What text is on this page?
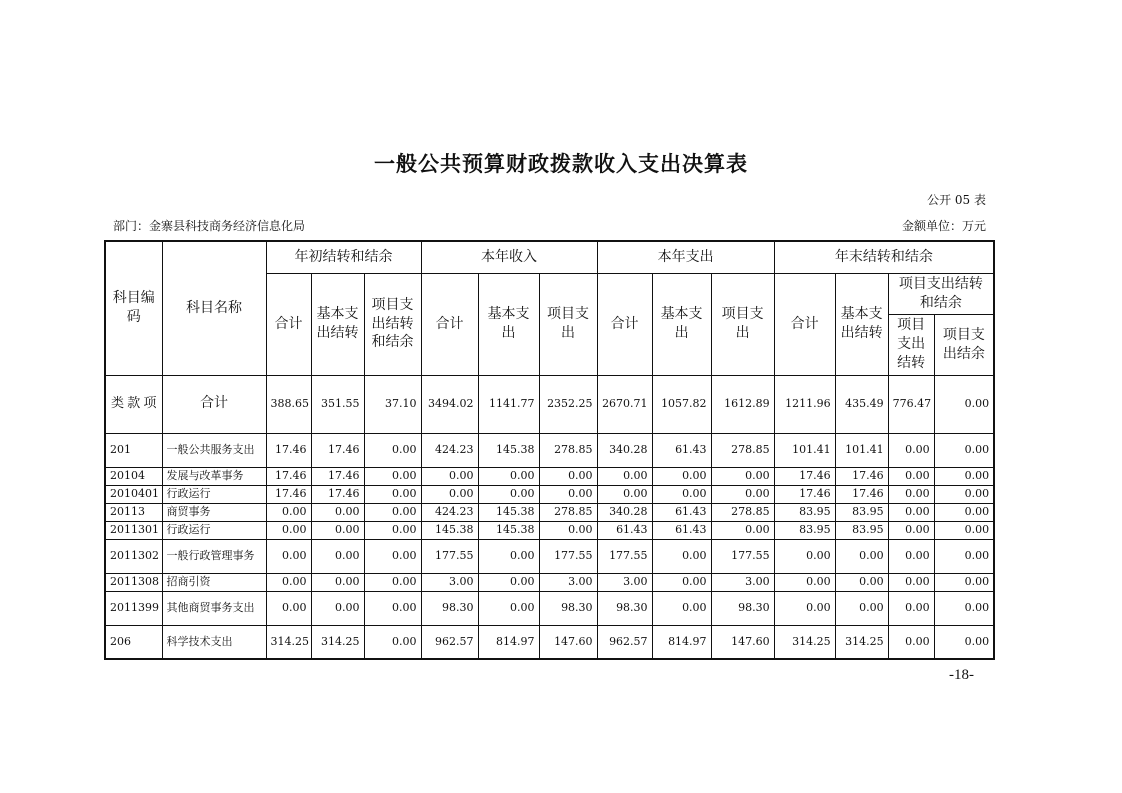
一般公共预算财政拨款收入支出决算表
公开 05 表
部门：金寨县科技商务经济信息化局	金额单位：万元
科目编码	科目名称	年初结转和结余			本年收入			本年支出			年末结转和结余			
		合计	基本支出结转	项目支出结转和结余	合计	基本支出	项目支出	合计	基本支出	项目支出	合计	基本支出结转	项目支出结转和结余	
													项目支出结转	项目支出结余

类 款 项	合计	388.65	351.55	37.10	3494.02	1141.77	2352.25	2670.71	1057.82	1612.89	1211.96	435.49	776.47	0.00
201	一般公共服务支出	17.46	17.46	0.00	424.23	145.38	278.85	340.28	61.43	278.85	101.41	101.41	0.00	0.00
20104	发展与改革事务	17.46	17.46	0.00	0.00	0.00	0.00	0.00	0.00	0.00	17.46	17.46	0.00	0.00
2010401	行政运行	17.46	17.46	0.00	0.00	0.00	0.00	0.00	0.00	0.00	17.46	17.46	0.00	0.00
20113	商贸事务	0.00	0.00	0.00	424.23	145.38	278.85	340.28	61.43	278.85	83.95	83.95	0.00	0.00
2011301	行政运行	0.00	0.00	0.00	145.38	145.38	0.00	61.43	61.43	0.00	83.95	83.95	0.00	0.00
2011302	一般行政管理事务	0.00	0.00	0.00	177.55	0.00	177.55	177.55	0.00	177.55	0.00	0.00	0.00	0.00
2011308	招商引资	0.00	0.00	0.00	3.00	0.00	3.00	3.00	0.00	3.00	0.00	0.00	0.00	0.00
2011399	其他商贸事务支出	0.00	0.00	0.00	98.30	0.00	98.30	98.30	0.00	98.30	0.00	0.00	0.00	0.00
206	科学技术支出	314.25	314.25	0.00	962.57	814.97	147.60	962.57	814.97	147.60	314.25	314.25	0.00	0.00
-18-
